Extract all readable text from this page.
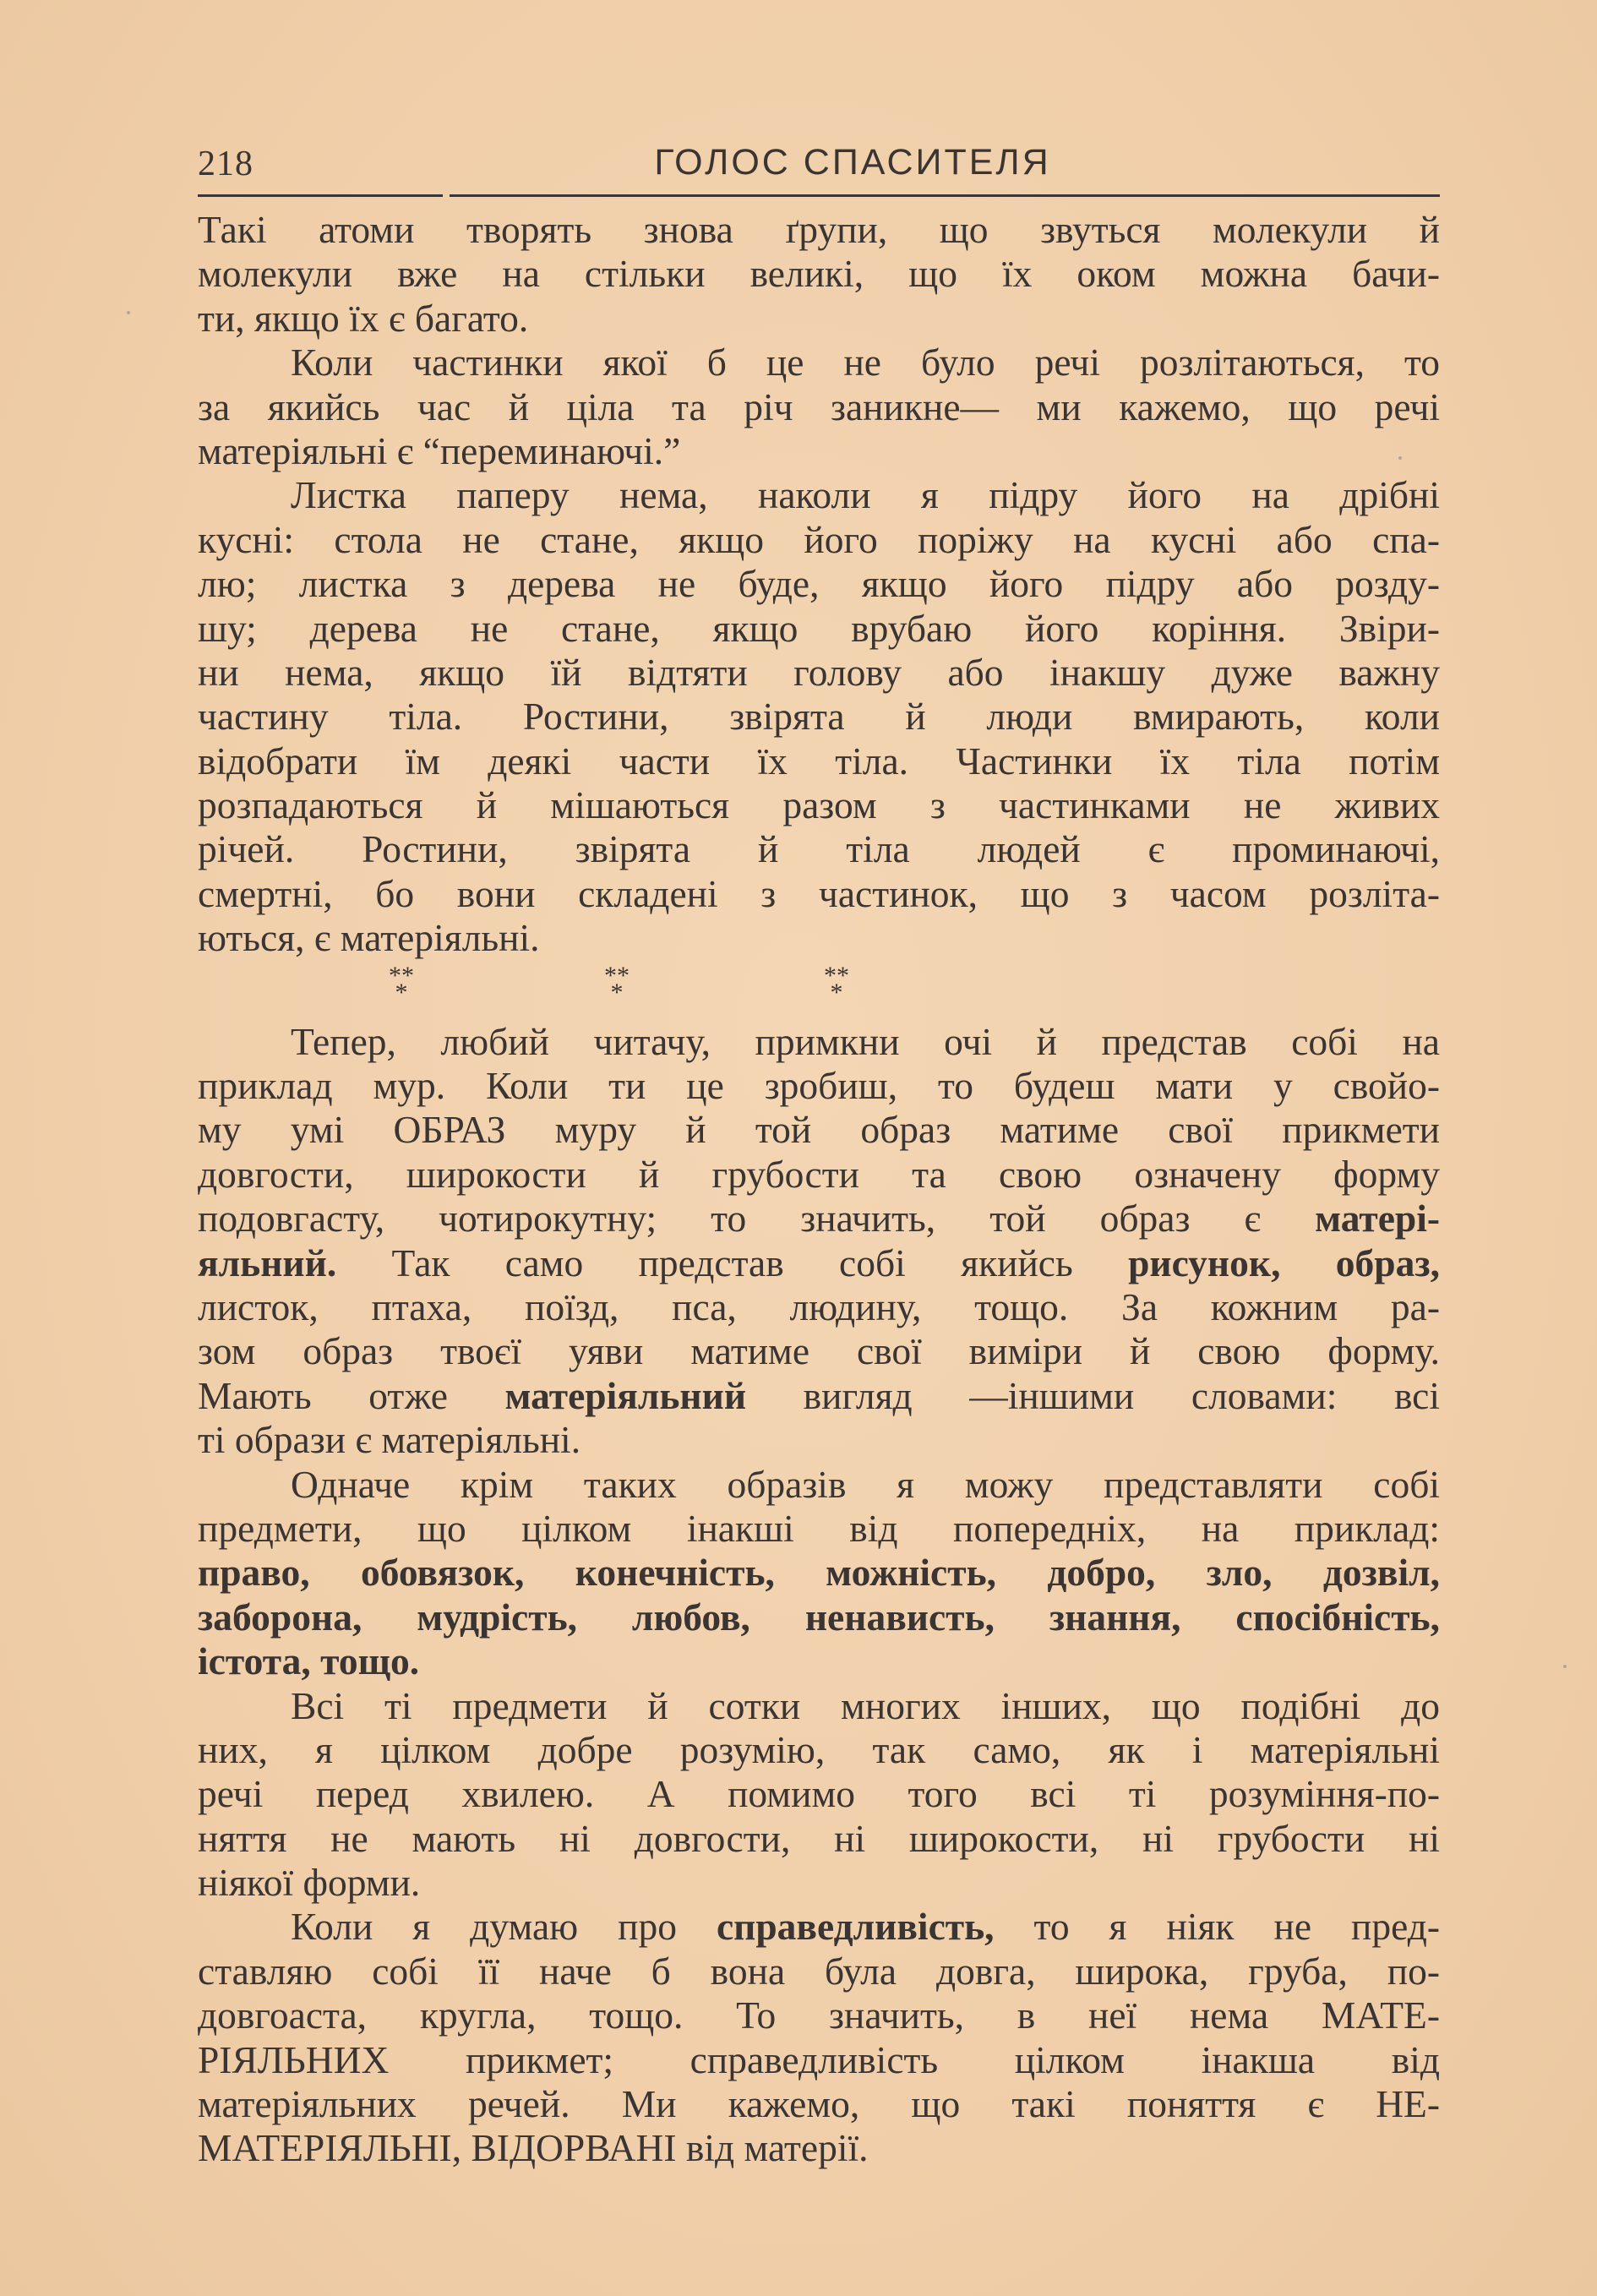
218	ГОЛОС СПАСИТЕЛЯ
Такі атоми творять знова ґрупи, що звуться молекули й
молекули вже на стільки великі, що їх оком можна бачи-
ти, якщо їх є багато.
Коли частинки якої б це не було речі розлітаються, то
за якийсь час й ціла та річ заникне— ми кажемо, що речі
матеріяльні є “переминаючі.”
Листка паперу нема, наколи я підру його на дрібні
кусні: стола не стане, якщо його поріжу на кусні або спа-
лю; листка з дерева не буде, якщо його підру або розду-
шу; дерева не стане, якщо врубаю його коріння. Звіри-
ни нема, якщо їй відтяти голову або інакшу дуже важну
частину тіла. Ростини, звірята й люди вмирають, коли
відобрати їм деякі части їх тіла. Частинки їх тіла потім
розпадаються й мішаються разом з частинками не живих
річей. Ростини, звірята й тіла людей є проминаючі,
смертні, бо вони складені з частинок, що з часом розліта-
ються, є матеріяльні.
**
*
**
*
**
*
Тепер, любий читачу, примкни очі й представ собі на
приклад мур. Коли ти це зробиш, то будеш мати у свойо-
му умі ОБРАЗ муру й той образ матиме свої прикмети
довгости, широкости й грубости та свою означену форму
подовгасту, чотирокутну; то значить, той образ є матері-
яльний. Так само представ собі якийсь рисунок, образ,
листок, птаха, поїзд, пса, людину, тощо. За кожним ра-
зом образ твоєї уяви матиме свої виміри й свою форму.
Мають отже матеріяльний вигляд —іншими словами: всі
ті образи є матеріяльні.
Одначе крім таких образів я можу представляти собі
предмети, що цілком інакші від попередніх, на приклад:
право, обовязок, конечність, можність, добро, зло, дозвіл,
заборона, мудрість, любов, ненависть, знання, спосібність,
істота, тощо.
Всі ті предмети й сотки многих інших, що подібні до
них, я цілком добре розумію, так само, як і матеріяльні
речі перед хвилею. А помимо того всі ті розуміння-по-
няття не мають ні довгости, ні широкости, ні грубости ні
ніякої форми.
Коли я думаю про справедливість, то я ніяк не пред-
ставляю собі її наче б вона була довга, широка, груба, по-
довгоаста, кругла, тощо. То значить, в неї нема МАТЕ-
РІЯЛЬНИХ прикмет; справедливість цілком інакша від
матеріяльних речей. Ми кажемо, що такі поняття є НЕ-
МАТЕРІЯЛЬНІ, ВІДОРВАНІ від матерії.
